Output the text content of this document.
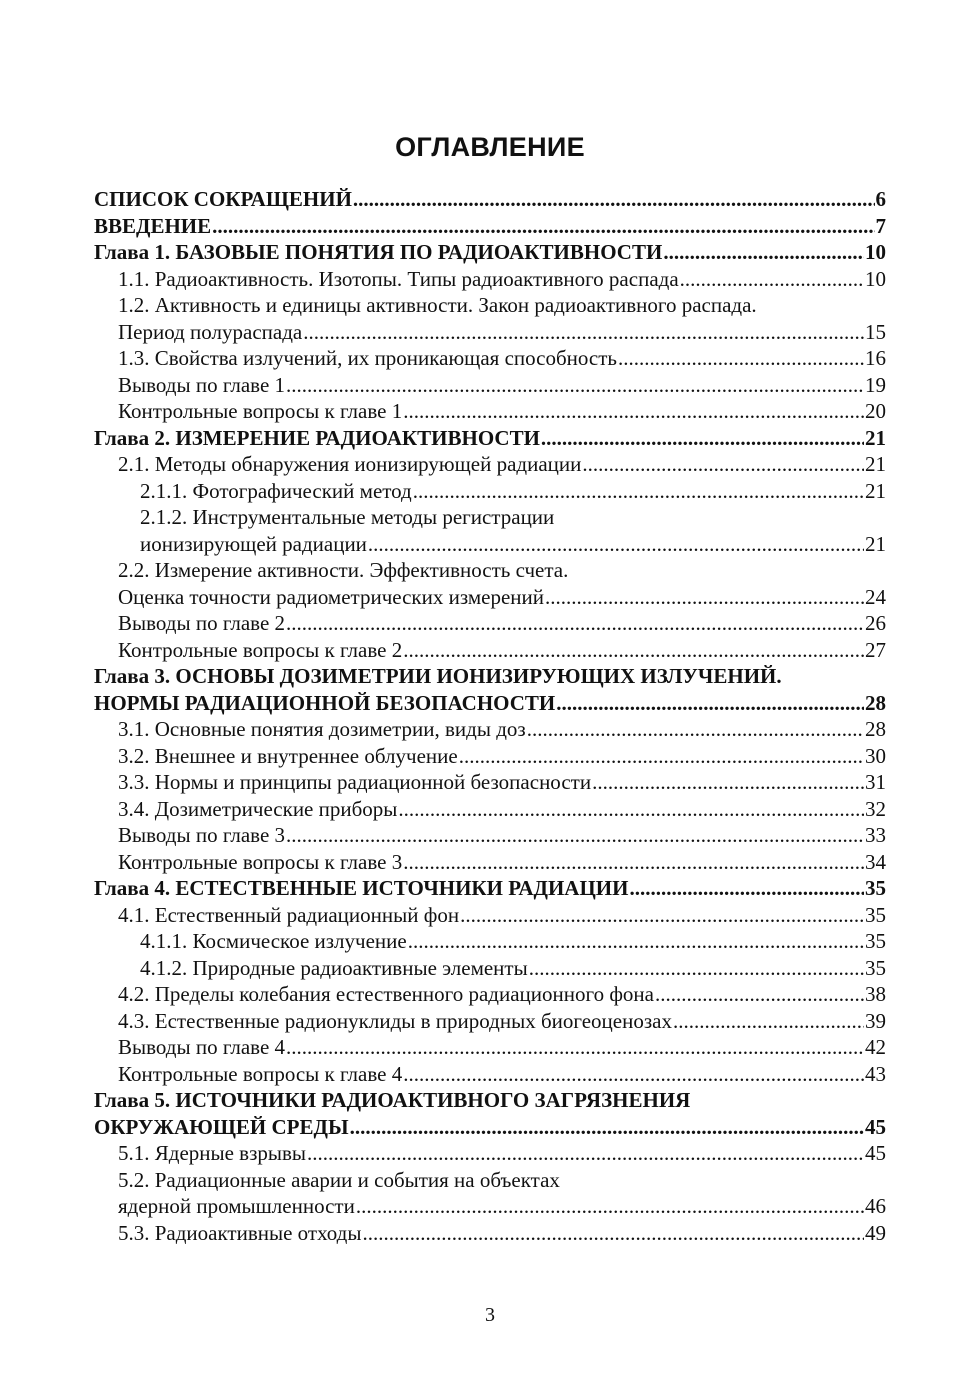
ОГЛАВЛЕНИЕ
СПИСОК СОКРАЩЕНИЙ .....	6
ВВЕДЕНИЕ .....	7
Глава 1. БАЗОВЫЕ ПОНЯТИЯ ПО РАДИОАКТИВНОСТИ .....	10
1.1. Радиоактивность. Изотопы. Типы радиоактивного распада .....	10
1.2. Активность и единицы активности. Закон радиоактивного распада.
Период полураспада .....	15
1.3. Свойства излучений, их проникающая способность .....	16
Выводы по главе 1 .....	19
Контрольные вопросы к главе 1 .....	20
Глава 2. ИЗМЕРЕНИЕ РАДИОАКТИВНОСТИ .....	21
2.1. Методы обнаружения ионизирующей радиации .....	21
2.1.1. Фотографический метод .....	21
2.1.2. Инструментальные методы регистрации
ионизирующей радиации .....	21
2.2. Измерение активности. Эффективность счета.
Оценка точности радиометрических измерений .....	24
Выводы по главе 2 .....	26
Контрольные вопросы к главе 2 .....	27
Глава 3. ОСНОВЫ ДОЗИМЕТРИИ ИОНИЗИРУЮЩИХ ИЗЛУЧЕНИЙ.
НОРМЫ РАДИАЦИОННОЙ БЕЗОПАСНОСТИ .....	28
3.1. Основные понятия дозиметрии, виды доз .....	28
3.2. Внешнее и внутреннее облучение .....	30
3.3. Нормы и принципы радиационной безопасности .....	31
3.4. Дозиметрические приборы .....	32
Выводы по главе 3 .....	33
Контрольные вопросы к главе 3 .....	34
Глава 4. ЕСТЕСТВЕННЫЕ ИСТОЧНИКИ РАДИАЦИИ .....	35
4.1. Естественный радиационный фон .....	35
4.1.1. Космическое излучение .....	35
4.1.2. Природные радиоактивные элементы .....	35
4.2. Пределы колебания естественного радиационного фона .....	38
4.3. Естественные радионуклиды в природных биогеоценозах .....	39
Выводы по главе 4 .....	42
Контрольные вопросы к главе 4 .....	43
Глава 5. ИСТОЧНИКИ РАДИОАКТИВНОГО ЗАГРЯЗНЕНИЯ
ОКРУЖАЮЩЕЙ СРЕДЫ .....	45
5.1. Ядерные взрывы .....	45
5.2. Радиационные аварии и события на объектах
ядерной промышленности .....	46
5.3. Радиоактивные отходы .....	49
3
